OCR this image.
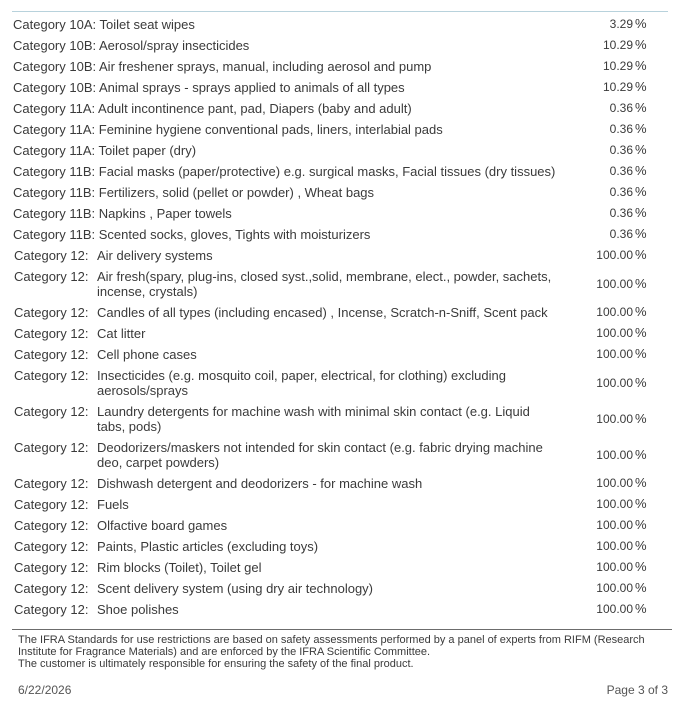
Category 10A: Toilet seat wipes	3.29 %
Category 10B: Aerosol/spray insecticides	10.29 %
Category 10B: Air freshener sprays, manual, including aerosol and pump	10.29 %
Category 10B: Animal sprays - sprays applied to animals of all types	10.29 %
Category 11A: Adult incontinence pant, pad, Diapers (baby and adult)	0.36 %
Category 11A: Feminine hygiene conventional pads, liners, interlabial pads	0.36 %
Category 11A: Toilet paper (dry)	0.36 %
Category 11B: Facial masks (paper/protective) e.g. surgical masks, Facial tissues (dry tissues)	0.36 %
Category 11B: Fertilizers, solid (pellet or powder) , Wheat bags	0.36 %
Category 11B: Napkins , Paper towels	0.36 %
Category 11B: Scented socks, gloves, Tights with moisturizers	0.36 %
Category 12: Air delivery systems	100.00 %
Category 12: Air fresh(spary, plug-ins, closed syst.,solid, membrane, elect., powder, sachets, incense, crystals)	100.00 %
Category 12: Candles of all types (including encased) , Incense, Scratch-n-Sniff, Scent pack	100.00 %
Category 12: Cat litter	100.00 %
Category 12: Cell phone cases	100.00 %
Category 12: Insecticides (e.g. mosquito coil, paper, electrical, for clothing) excluding aerosols/sprays	100.00 %
Category 12: Laundry detergents for machine wash with minimal skin contact (e.g. Liquid tabs, pods)	100.00 %
Category 12: Deodorizers/maskers not intended for skin contact (e.g. fabric drying machine deo, carpet powders)	100.00 %
Category 12: Dishwash detergent and deodorizers - for machine wash	100.00 %
Category 12: Fuels	100.00 %
Category 12: Olfactive board games	100.00 %
Category 12: Paints, Plastic articles (excluding toys)	100.00 %
Category 12: Rim blocks (Toilet), Toilet gel	100.00 %
Category 12: Scent delivery system (using dry air technology)	100.00 %
Category 12: Shoe polishes	100.00 %
The IFRA Standards for use restrictions are based on safety assessments performed by a panel of experts from RIFM (Research Institute for Fragrance Materials) and are enforced by the IFRA Scientific Committee.
The customer is ultimately responsible for ensuring the safety of the final product.
6/22/2026	Page 3 of 3
